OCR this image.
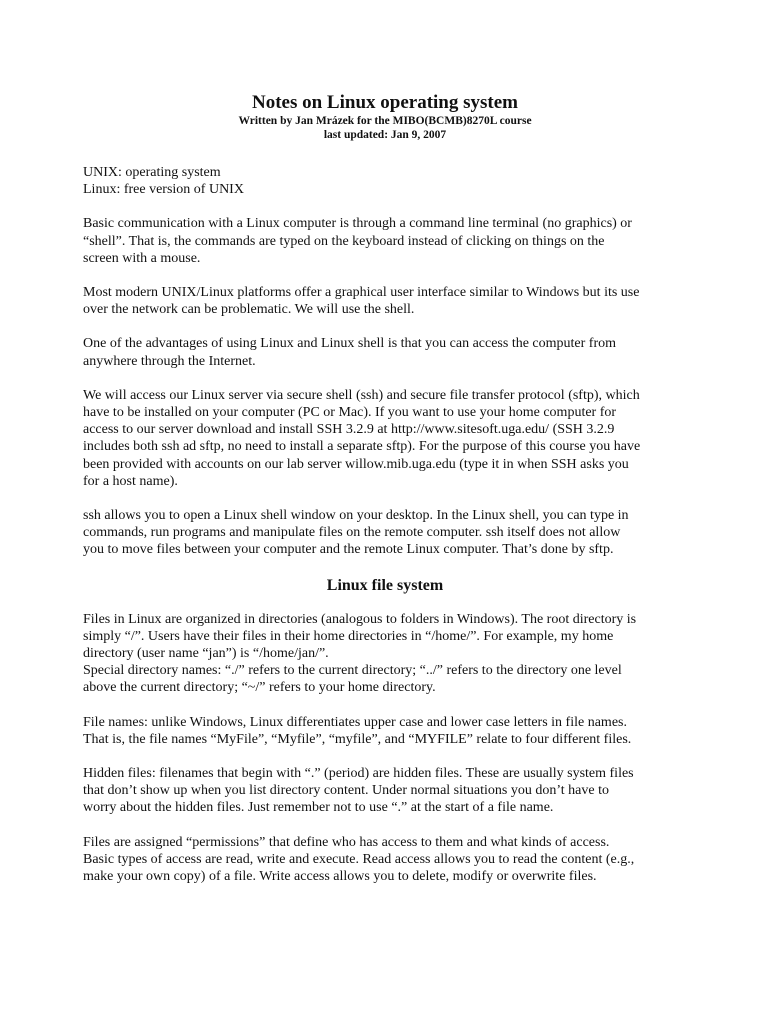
Notes on Linux operating system

Written by Jan Mrázek for the MIBO(BCMB)8270L course

last updated: Jan 9, 2007

UNIX: operating system
Linux: free version of UNIX

Basic communication with a Linux computer is through a command line terminal (no graphics) or
“shell”. That is, the commands are typed on the keyboard instead of clicking on things on the
screen with a mouse.

Most modern UNIX/Linux platforms offer a graphical user interface similar to Windows but its use
over the network can be problematic. We will use the shell.

One of the advantages of using Linux and Linux shell is that you can access the computer from
anywhere through the Internet.

We will access our Linux server via secure shell (ssh) and secure file transfer protocol (sftp), which
have to be installed on your computer (PC or Mac). If you want to use your home computer for
access to our server download and install SSH 3.2.9 at http://www.sitesoft.uga.edu/ (SSH 3.2.9
includes both ssh ad sftp, no need to install a separate sftp). For the purpose of this course you have
been provided with accounts on our lab server willow.mib.uga.edu (type it in when SSH asks you
for a host name).

ssh allows you to open a Linux shell window on your desktop. In the Linux shell, you can type in
commands, run programs and manipulate files on the remote computer. ssh itself does not allow
you to move files between your computer and the remote Linux computer. That’s done by sftp.

Linux file system

Files in Linux are organized in directories (analogous to folders in Windows). The root directory is
simply “/”. Users have their files in their home directories in “/home/”. For example, my home
directory (user name “jan”) is “/home/jan/”.
Special directory names: “./” refers to the current directory; “../” refers to the directory one level
above the current directory; “~/” refers to your home directory.

File names: unlike Windows, Linux differentiates upper case and lower case letters in file names.
That is, the file names “MyFile”, “Myfile”, “myfile”, and “MYFILE” relate to four different files.

Hidden files: filenames that begin with “.” (period) are hidden files. These are usually system files
that don’t show up when you list directory content. Under normal situations you don’t have to
worry about the hidden files. Just remember not to use “.” at the start of a file name.

Files are assigned “permissions” that define who has access to them and what kinds of access.
Basic types of access are read, write and execute. Read access allows you to read the content (e.g.,
make your own copy) of a file. Write access allows you to delete, modify or overwrite files.
